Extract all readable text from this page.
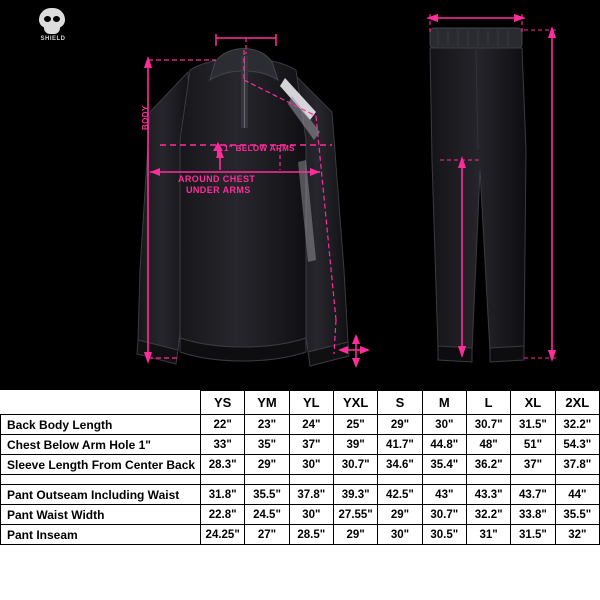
SHIELD
BODY
1" BELOW ARMS
AROUND CHEST
UNDER ARMS
	YS	YM	YL	YXL	S	M	L	XL	2XL
Back Body Length	22"	23"	24"	25"	29"	30"	30.7"	31.5"	32.2"
Chest Below Arm Hole 1"	33"	35"	37"	39"	41.7"	44.8"	48"	51"	54.3"
Sleeve Length From Center Back	28.3"	29"	30"	30.7"	34.6"	35.4"	36.2"	37"	37.8"

Pant Outseam Including Waist	31.8"	35.5"	37.8"	39.3"	42.5"	43"	43.3"	43.7"	44"
Pant Waist Width	22.8"	24.5"	30"	27.55"	29"	30.7"	32.2"	33.8"	35.5"
Pant Inseam	24.25"	27"	28.5"	29"	30"	30.5"	31"	31.5"	32"
